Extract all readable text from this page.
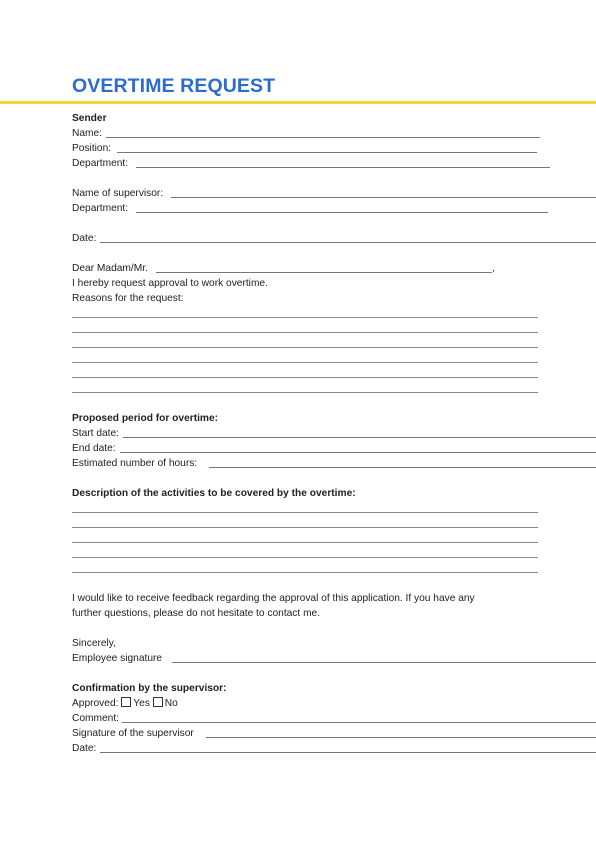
OVERTIME REQUEST
Sender
Name:
Position:
Department:
Name of supervisor:
Department:
Date:
Dear Madam/Mr.	,
I hereby request approval to work overtime.
Reasons for the request:
Proposed period for overtime:
Start date:
End date:
Estimated number of hours:
Description of the activities to be covered by the overtime:
I would like to receive feedback regarding the approval of this application. If you have any
further questions, please do not hesitate to contact me.
Sincerely,
Employee signature
Confirmation by the supervisor:
Approved: Yes No
Comment:
Signature of the supervisor
Date:
